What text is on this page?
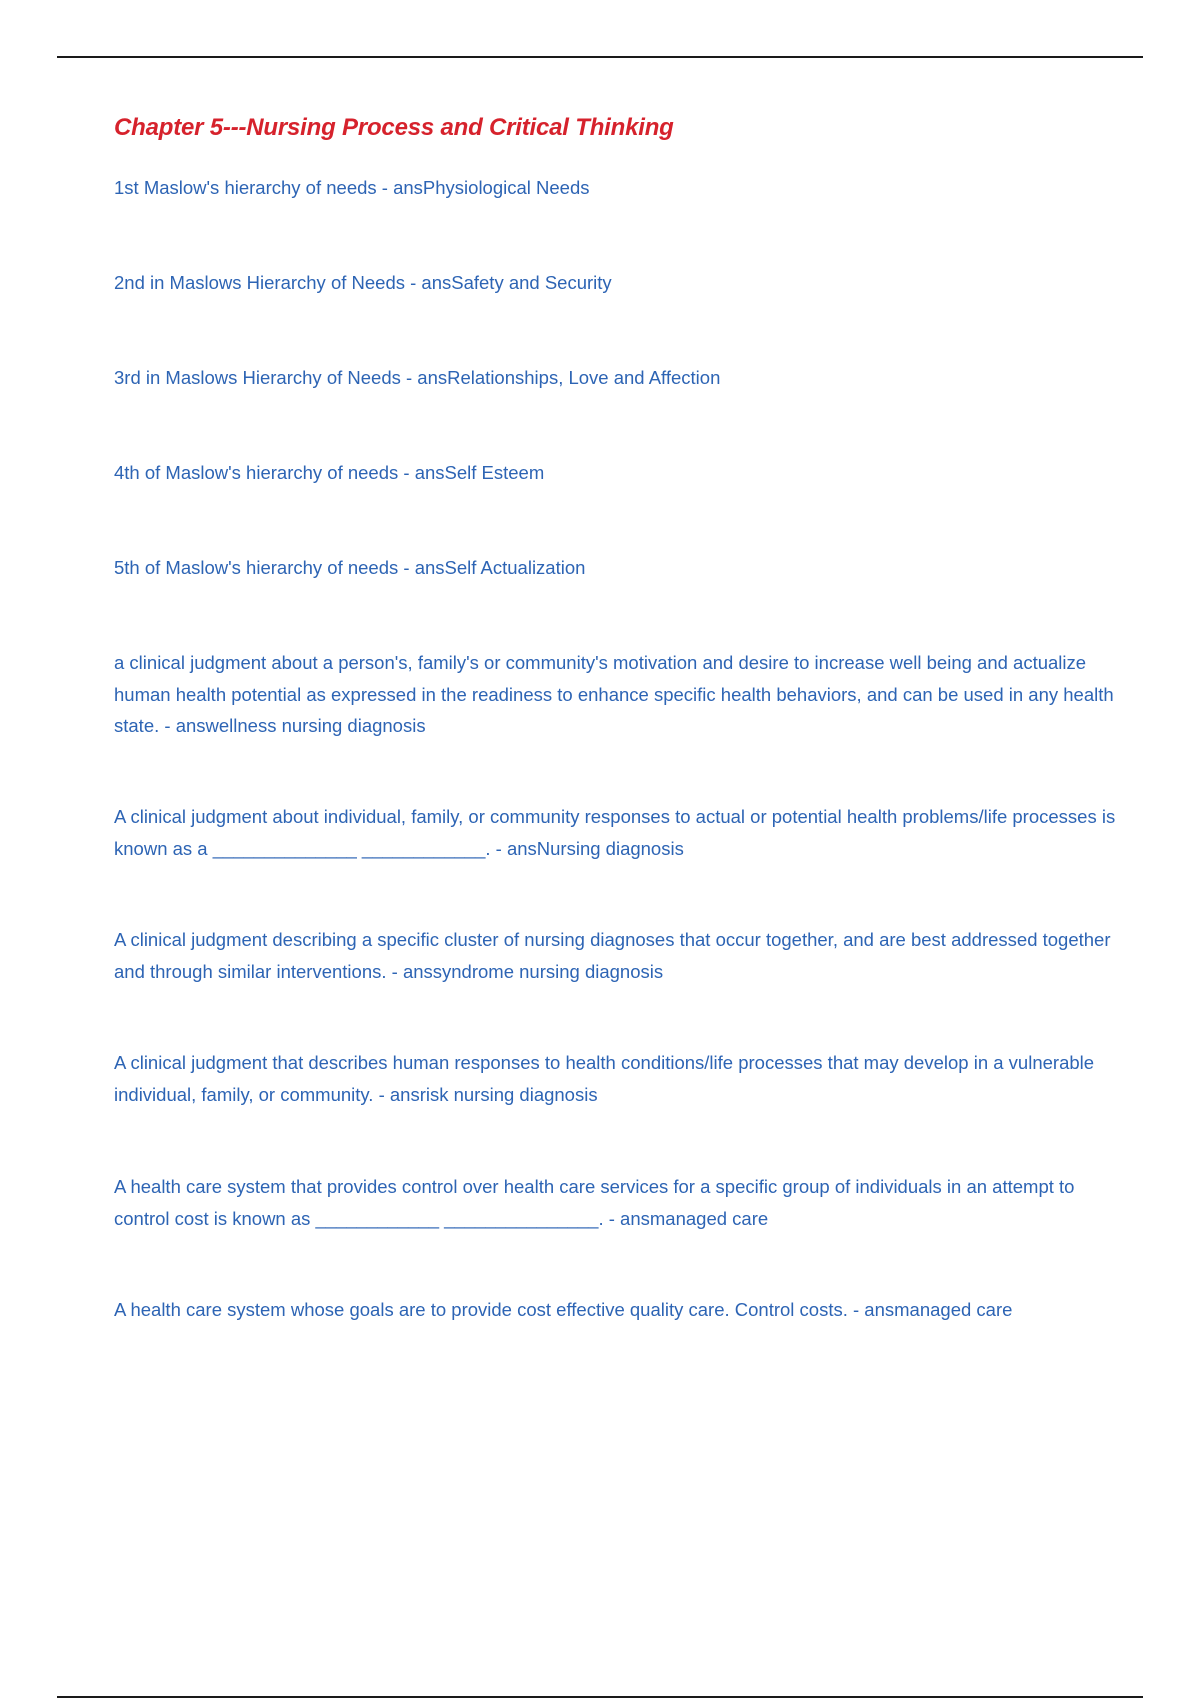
Chapter 5---Nursing Process and Critical Thinking

1st Maslow's hierarchy of needs - ansPhysiological Needs

2nd in Maslows Hierarchy of Needs - ansSafety and Security

3rd in Maslows Hierarchy of Needs - ansRelationships, Love and Affection

4th of Maslow's hierarchy of needs - ansSelf Esteem

5th of Maslow's hierarchy of needs - ansSelf Actualization

a clinical judgment about a person's, family's or community's motivation and desire to increase well being and actualize human health potential as expressed in the readiness to enhance specific health behaviors, and can be used in any health state. - answellness nursing diagnosis

A clinical judgment about individual, family, or community responses to actual or potential health problems/life processes is known as a ______________ ____________. - ansNursing diagnosis

A clinical judgment describing a specific cluster of nursing diagnoses that occur together, and are best addressed together and through similar interventions. - anssyndrome nursing diagnosis

A clinical judgment that describes human responses to health conditions/life processes that may develop in a vulnerable individual, family, or community. - ansrisk nursing diagnosis

A health care system that provides control over health care services for a specific group of individuals in an attempt to control cost is known as ____________ _______________. - ansmanaged care

A health care system whose goals are to provide cost effective quality care. Control costs. - ansmanaged care
